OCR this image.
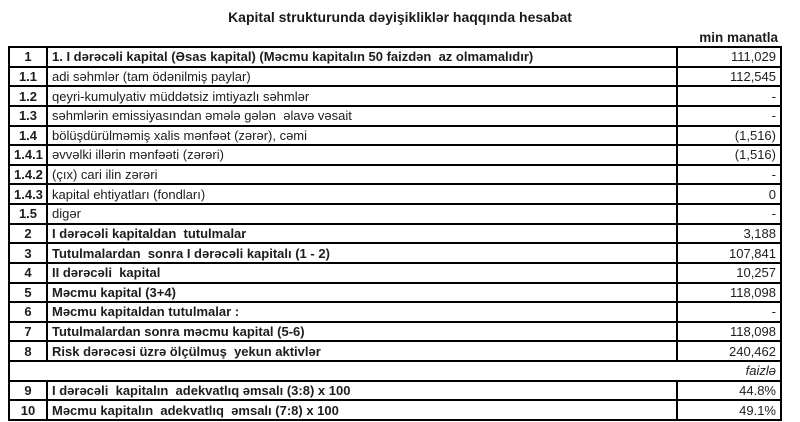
Kapital strukturunda dəyişikliklər haqqında hesabat
min manatla
1	1. I dərəcəli kapital (Əsas kapital) (Məcmu kapitalın 50 faizdən  az olmamalıdır)	111,029
1.1	adi səhmlər (tam ödənilmiş paylar)	112,545
1.2	qeyri-kumulyativ müddətsiz imtiyazlı səhmlər	-
1.3	səhmlərin emissiyasından əmələ gələn  əlavə vəsait	-
1.4	bölüşdürülməmiş xalis mənfəət (zərər), cəmi	(1,516)
1.4.1	əvvəlki illərin mənfəəti (zərəri)	(1,516)
1.4.2	(çıx) cari ilin zərəri	-
1.4.3	kapital ehtiyatları (fondları)	0
1.5	digər	-
2	I dərəcəli kapitaldan  tutulmalar	3,188
3	Tutulmalardan  sonra I dərəcəli kapitalı (1 - 2)	107,841
4	II dərəcəli  kapital	10,257
5	Məcmu kapital (3+4)	118,098
6	Məcmu kapitaldan tutulmalar :	-
7	Tutulmalardan sonra məcmu kapital (5-6)	118,098
8	Risk dərəcəsi üzrə ölçülmuş  yekun aktivlər	240,462
faizlə		
9	I dərəcəli  kapitalın  adekvatlıq əmsalı (3:8) x 100	44.8%
10	Məcmu kapitalın  adekvatlıq  əmsalı (7:8) x 100	49.1%
